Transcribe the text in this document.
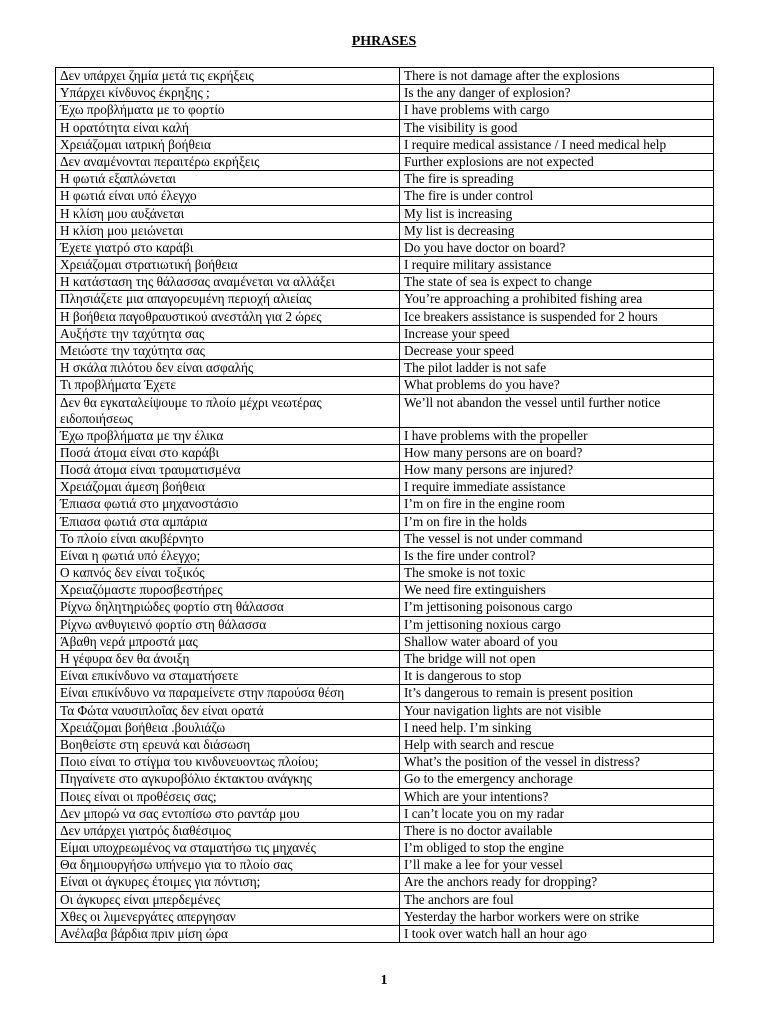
PHRASES
Δεν υπάρχει ζημία μετά τις εκρήξεις	There is not damage after the explosions
Υπάρχει κίνδυνος έκρηξης ;	Is the any danger of explosion?
Έχω προβλήματα με το φορτίο	I have problems with cargo
Η ορατότητα είναι καλή	The visibility is good
Χρειάζομαι ιατρική βοήθεια	I require medical assistance / I need medical help
Δεν αναμένονται περαιτέρω εκρήξεις	Further explosions are not expected
Η φωτιά εξαπλώνεται	The fire is spreading
Η φωτιά είναι υπό έλεγχο	The fire is under control
Η κλίση μου αυξάνεται	My list is increasing
Η κλίση μου μειώνεται	My list is decreasing
Έχετε γιατρό στο καράβι	Do you have doctor on board?
Χρειάζομαι στρατιωτική βοήθεια	I require military assistance
Η κατάσταση της θάλασσας αναμένεται να αλλάξει	The state of sea is expect to change
Πλησιάζετε μια απαγορευμένη περιοχή αλιείας	You’re approaching a prohibited fishing area
Η βοήθεια παγοθραυστικού ανεστάλη για 2 ώρες	Ice breakers assistance is suspended for 2 hours
Αυξήστε την ταχύτητα σας	Increase your speed
Μειώστε την ταχύτητα σας	Decrease your speed
Η σκάλα πιλότου δεν είναι ασφαλής	The pilot ladder is not safe
Τι προβλήματα Έχετε	What problems do you have?
Δεν θα εγκαταλείψουμε το πλοίο μέχρι νεωτέρας ειδοποιήσεως	We’ll not abandon the vessel until further notice
Έχω προβλήματα με την έλικα	I have problems with the propeller
Ποσά άτομα είναι στο καράβι	How many persons are on board?
Ποσά άτομα είναι τραυματισμένα	How many persons are injured?
Χρειάζομαι άμεση βοήθεια	I require immediate assistance
Έπιασα φωτιά στο μηχανοστάσιο	I’m on fire in the engine room
Έπιασα φωτιά στα αμπάρια	I’m on fire in the holds
Το πλοίο είναι ακυβέρνητο	The vessel is not under command
Είναι η φωτιά υπό έλεγχο;	Is the fire under control?
Ο καπνός δεν είναι τοξικός	The smoke is not toxic
Χρειαζόμαστε πυροσβεστήρες	We need fire extinguishers
Ρίχνω δηλητηριώδες φορτίο στη θάλασσα	I’m jettisoning poisonous cargo
Ρίχνω ανθυγιεινό φορτίο στη θάλασσα	I’m jettisoning noxious cargo
Άβαθη νερά μπροστά μας	Shallow water aboard of you
Η γέφυρα δεν θα άνοιξη	The bridge will not open
Είναι επικίνδυνο να σταματήσετε	It is dangerous to stop
Είναι επικίνδυνο να παραμείνετε στην παρούσα θέση	It’s dangerous to remain is present position
Τα Φώτα ναυσιπλοΐας δεν είναι ορατά	Your navigation lights are not visible
Χρειάζομαι βοήθεια .βουλιάζω	I need help. I’m sinking
Βοηθείστε στη ερευνά και διάσωση	Help with search and rescue
Ποιο είναι το στίγμα του κινδυνευοντως πλοίου;	What’s the position of the vessel in distress?
Πηγαίνετε στο αγκυροβόλιο έκτακτου ανάγκης	Go to the emergency anchorage
Ποιες είναι οι προθέσεις σας;	Which are your intentions?
Δεν μπορώ να σας εντοπίσω στο ραντάρ μου	I can’t locate you on my radar
Δεν υπάρχει γιατρός διαθέσιμος	There is no doctor available
Είμαι υποχρεωμένος να σταματήσω τις μηχανές	I’m obliged to stop the engine
Θα δημιουργήσω υπήνεμο για το πλοίο σας	I’ll make a lee for your vessel
Είναι οι άγκυρες έτοιμες για πόντιση;	Are the anchors ready for dropping?
Οι άγκυρες είναι μπερδεμένες	The anchors are foul
Χθες οι λιμενεργάτες απεργησαν	Yesterday the harbor workers were on strike
Ανέλαβα βάρδια πριν μίση ώρα	I took over watch hall an hour ago
1
